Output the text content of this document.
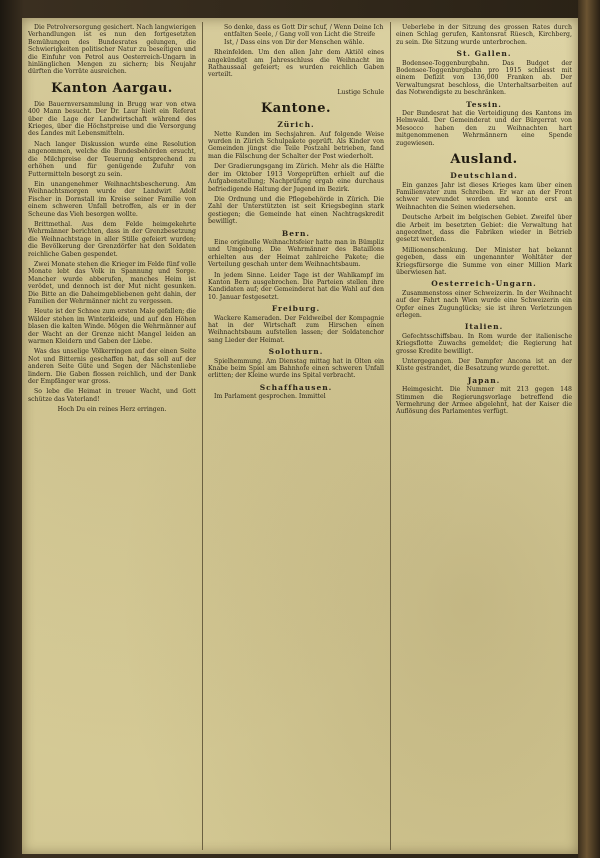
Die Petrolversorgung gesichert. Nach langwierigen Verhandlungen ist es nun den fortgesetzten Bemühungen des Bundesrates gelungen, die Schwierigkeiten politischer Natur zu beseitigen und die Einfuhr von Petrol aus Oesterreich-Ungarn in hinlänglichen Mengen zu sichern; bis Neujahr dürften die Vorräte ausreichen.

Kanton Aargau.

Die Bauernversammlung in Brugg war von etwa 400 Mann besucht. Der Dr. Laur hielt ein Referat über die Lage der Landwirtschaft während des Krieges, über die Höchstpreise und die Versorgung des Landes mit Lebensmitteln.

Nach langer Diskussion wurde eine Resolution angenommen, welche die Bundesbehörden ersucht, die Milchpreise der Teuerung entsprechend zu erhöhen und für genügende Zufuhr von Futtermitteln besorgt zu sein.

Ein unangenehmer Weihnachtsbescherung. Am Weihnachtsmorgen wurde der Landwirt Adolf Fischer in Dornstall im Kreise seiner Familie von einem schweren Unfall betroffen, als er in der Scheune das Vieh besorgen wollte.

Brittmethal. Aus dem Felde heimgekehrte Wehrmänner berichten, dass in der Grenzbesetzung die Weihnachtstage in aller Stille gefeiert wurden; die Bevölkerung der Grenzdörfer hat den Soldaten reichliche Gaben gespendet.

Zwei Monate stehen die Krieger im Felde fünf volle Monate lebt das Volk in Spannung und Sorge. Mancher wurde abberufen, manches Heim ist verödet, und dennoch ist der Mut nicht gesunken. Die Bitte an die Daheimgebliebenen geht dahin, der Familien der Wehrmänner nicht zu vergessen.

Heute ist der Schnee zum ersten Male gefallen; die Wälder stehen im Winterkleide, und auf den Höhen blasen die kalten Winde. Mögen die Wehrmänner auf der Wacht an der Grenze nicht Mangel leiden an warmen Kleidern und Gaben der Liebe.

Was das unselige Völkerringen auf der einen Seite Not und Bitternis geschaffen hat, das soll auf der anderen Seite Güte und Segen der Nächstenliebe lindern. Die Gaben flossen reichlich, und der Dank der Empfänger war gross.

So lebe die Heimat in treuer Wacht, und Gott schütze das Vaterland!

Hoch Du ein reines Herz erringen.

So denke, dass es Gott Dir schuf, / Wenn Deine Ich entfalten Seele, / Gang voll von Licht die Streife Ist, / Dass eins von Dir der Menschen wähle.

Rheinfelden. Um den allen Jahr dem Aktiöl eines angekündigt am Jahresschluss die Weihnacht im Rathaussaal gefeiert; es wurden reichlich Gaben verteilt.

Lustige Schule
Kantone.
Zürich.

Nette Kunden im Sechsjahren. Auf folgende Weise wurden in Zürich Schulpakete geprüft. Als Kinder von Gemeinden jüngst die Teile Postzahl betrieben, fand man die Fälschung der Schalter der Post wiederholt.

Der Gradierungsgang im Zürich. Mehr als die Hälfte der im Oktober 1913 Vorgeprüften erhielt auf die Aufgabenstellung; Nachprüfung ergab eine durchaus befriedigende Haltung der Jugend im Bezirk.

Die Ordnung und die Pflegebehörde in Zürich. Die Zahl der Unterstützten ist seit Kriegsbeginn stark gestiegen; die Gemeinde hat einen Nachtragskredit bewilligt.

Bern.

Eine originelle Weihnachtsfeier hatte man in Bümpliz und Umgebung. Die Wehrmänner des Bataillons erhielten aus der Heimat zahlreiche Pakete; die Verteilung geschah unter dem Weihnachtsbaum.

In jedem Sinne. Leider Tage ist der Wahlkampf im Kanton Bern ausgebrochen. Die Parteien stellen ihre Kandidaten auf; der Gemeinderat hat die Wahl auf den 10. Januar festgesetzt.

Freiburg.

Wackere Kameraden. Der Feldweibel der Kompagnie hat in der Wirtschaft zum Hirschen einen Weihnachtsbaum aufstellen lassen; der Soldatenchor sang Lieder der Heimat.

Solothurn.

Spielhemmung. Am Dienstag mittag hat in Olten ein Knabe beim Spiel am Bahnhofe einen schweren Unfall erlitten; der Kleine wurde ins Spital verbracht.

Schaffhausen.

Im Parlament gesprochen. Immittel

Ueberlebe in der Sitzung des grossen Rates durch einen Schlag gerufen, Kantonsrat Rüesch, Kirchberg, zu sein. Die Sitzung wurde unterbrochen.

St. Gallen.

Bodensee-Toggenburgbahn. Das Budget der Bodensee-Toggenburgbahn pro 1915 schliesst mit einem Defizit von 136,000 Franken ab. Der Verwaltungsrat beschloss, die Unterhaltsarbeiten auf das Notwendigste zu beschränken.

Tessin.

Der Bundesrat hat die Verteidigung des Kantons im Helmwald. Der Gemeinderat und der Bürgerrat von Mesocco haben den zu Weihnachten hart mitgenommenen Wehrmännern eine Spende zugewiesen.

Ausland.
Deutschland.

Ein ganzes Jahr ist dieses Krieges kam über einen Familienvater zum Schreiben. Er war an der Front schwer verwundet worden und konnte erst an Weihnachten die Seinen wiedersehen.

Deutsche Arbeit im belgischen Gebiet. Zweifel über die Arbeit im besetzten Gebiet: die Verwaltung hat angeordnet, dass die Fabriken wieder in Betrieb gesetzt werden.

Millionenschenkung. Der Minister hat bekannt gegeben, dass ein ungenannter Wohltäter der Kriegsfürsorge die Summe von einer Million Mark überwiesen hat.

Oesterreich-Ungarn.

Zusammenstoss einer Schweizerin. In der Weihnacht auf der Fahrt nach Wien wurde eine Schweizerin ein Opfer eines Zugunglücks; sie ist ihren Verletzungen erlegen.

Italien.

Gefechtsschiffsbau. In Rom wurde der italienische Kriegsflotte Zuwachs gemeldet; die Regierung hat grosse Kredite bewilligt.

Untergegangen. Der Dampfer Ancona ist an der Küste gestrandet, die Besatzung wurde gerettet.

Japan.

Heimgesicht. Die Nummer mit 213 gegen 148 Stimmen die Regierungsvorlage betreffend die Vermehrung der Armee abgelehnt, hat der Kaiser die Auflösung des Parlamentes verfügt.
